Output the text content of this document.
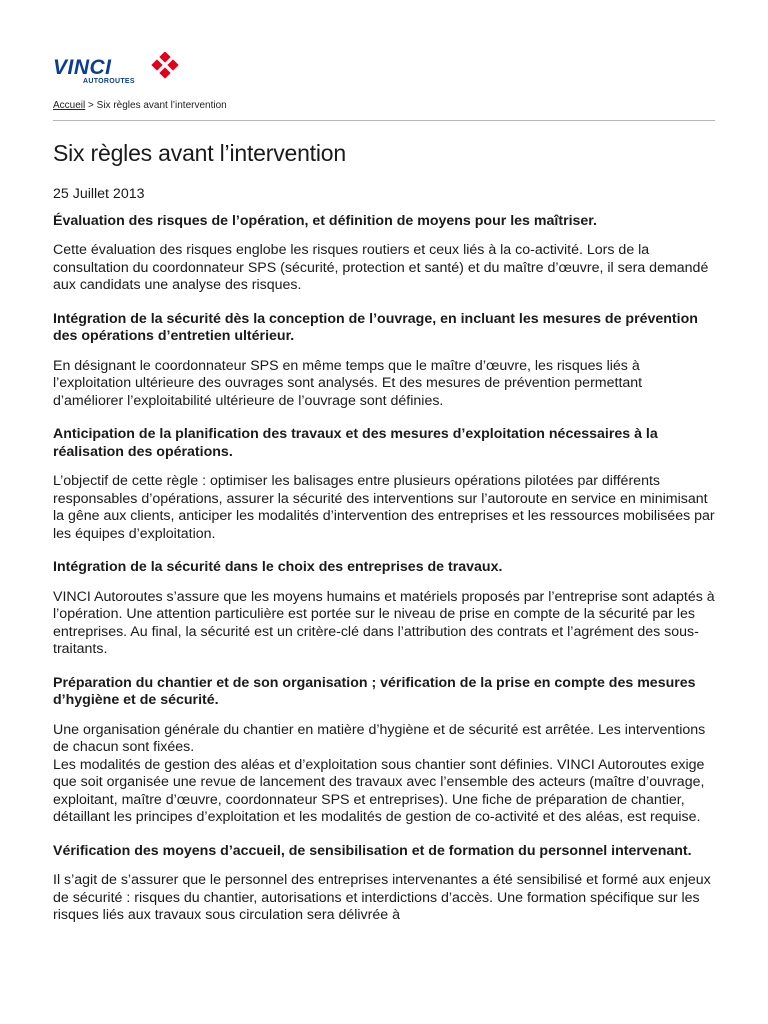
VINCI
AUTOROUTES
Accueil > Six règles avant l’intervention
Six règles avant l’intervention

25 Juillet 2013

Évaluation des risques de l’opération, et définition de moyens pour les maîtriser.

Cette évaluation des risques englobe les risques routiers et ceux liés à la co-activité. Lors de la consultation du coordonnateur SPS (sécurité, protection et santé) et du maître d’œuvre, il sera demandé aux candidats une analyse des risques.

Intégration de la sécurité dès la conception de l’ouvrage, en incluant les mesures de prévention des opérations d’entretien ultérieur.

En désignant le coordonnateur SPS en même temps que le maître d’œuvre, les risques liés à l’exploitation ultérieure des ouvrages sont analysés. Et des mesures de prévention permettant d’améliorer l’exploitabilité ultérieure de l’ouvrage sont définies.

Anticipation de la planification des travaux et des mesures d’exploitation nécessaires à la réalisation des opérations.

L’objectif de cette règle : optimiser les balisages entre plusieurs opérations pilotées par différents responsables d’opérations, assurer la sécurité des interventions sur l’autoroute en service en minimisant la gêne aux clients, anticiper les modalités d’intervention des entreprises et les ressources mobilisées par les équipes d’exploitation.

Intégration de la sécurité dans le choix des entreprises de travaux.

VINCI Autoroutes s’assure que les moyens humains et matériels proposés par l’entreprise sont adaptés à l’opération. Une attention particulière est portée sur le niveau de prise en compte de la sécurité par les entreprises. Au final, la sécurité est un critère-clé dans l’attribution des contrats et l’agrément des sous-traitants.

Préparation du chantier et de son organisation ; vérification de la prise en compte des mesures d’hygiène et de sécurité.

Une organisation générale du chantier en matière d’hygiène et de sécurité est arrêtée. Les interventions de chacun sont fixées.
Les modalités de gestion des aléas et d’exploitation sous chantier sont définies. VINCI Autoroutes exige que soit organisée une revue de lancement des travaux avec l’ensemble des acteurs (maître d’ouvrage, exploitant, maître d’œuvre, coordonnateur SPS et entreprises). Une fiche de préparation de chantier, détaillant les principes d’exploitation et les modalités de gestion de co-activité et des aléas, est requise.

Vérification des moyens d’accueil, de sensibilisation et de formation du personnel intervenant.

Il s’agit de s’assurer que le personnel des entreprises intervenantes a été sensibilisé et formé aux enjeux de sécurité : risques du chantier, autorisations et interdictions d’accès. Une formation spécifique sur les risques liés aux travaux sous circulation sera délivrée à
